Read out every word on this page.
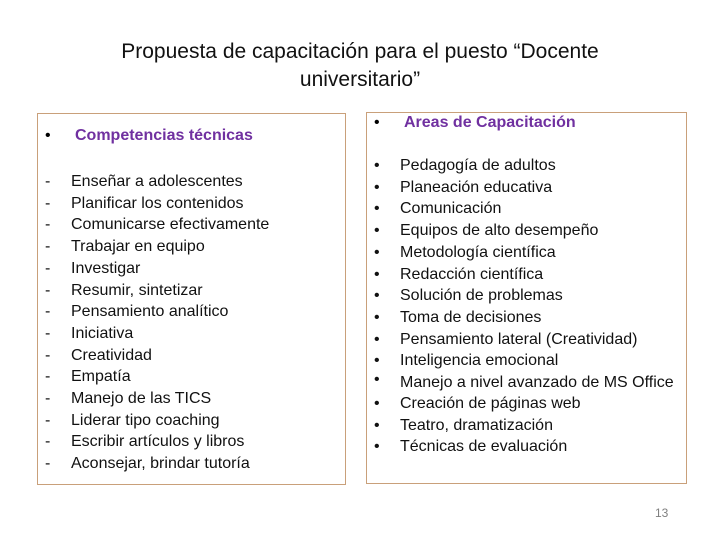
Propuesta de capacitación para el puesto “Docente
universitario”
• Competencias técnicas
-	Enseñar a adolescentes
-	Planificar los contenidos
-	Comunicarse efectivamente
-	Trabajar en equipo
-	Investigar
-	Resumir, sintetizar
-	Pensamiento analítico
-	Iniciativa
-	Creatividad
-	Empatía
-	Manejo de las TICS
-	Liderar tipo coaching
-	Escribir artículos y libros
-	Aconsejar, brindar tutoría
• Areas de Capacitación
•	Pedagogía de adultos
•	Planeación educativa
•	Comunicación
•	Equipos de alto desempeño
•	Metodología científica
•	Redacción científica
•	Solución de problemas
•	Toma de decisiones
•	Pensamiento lateral (Creatividad)
•	Inteligencia emocional
•	Manejo a nivel avanzado de MS Office
•	Creación de páginas web
•	Teatro, dramatización
•	Técnicas de evaluación
13
